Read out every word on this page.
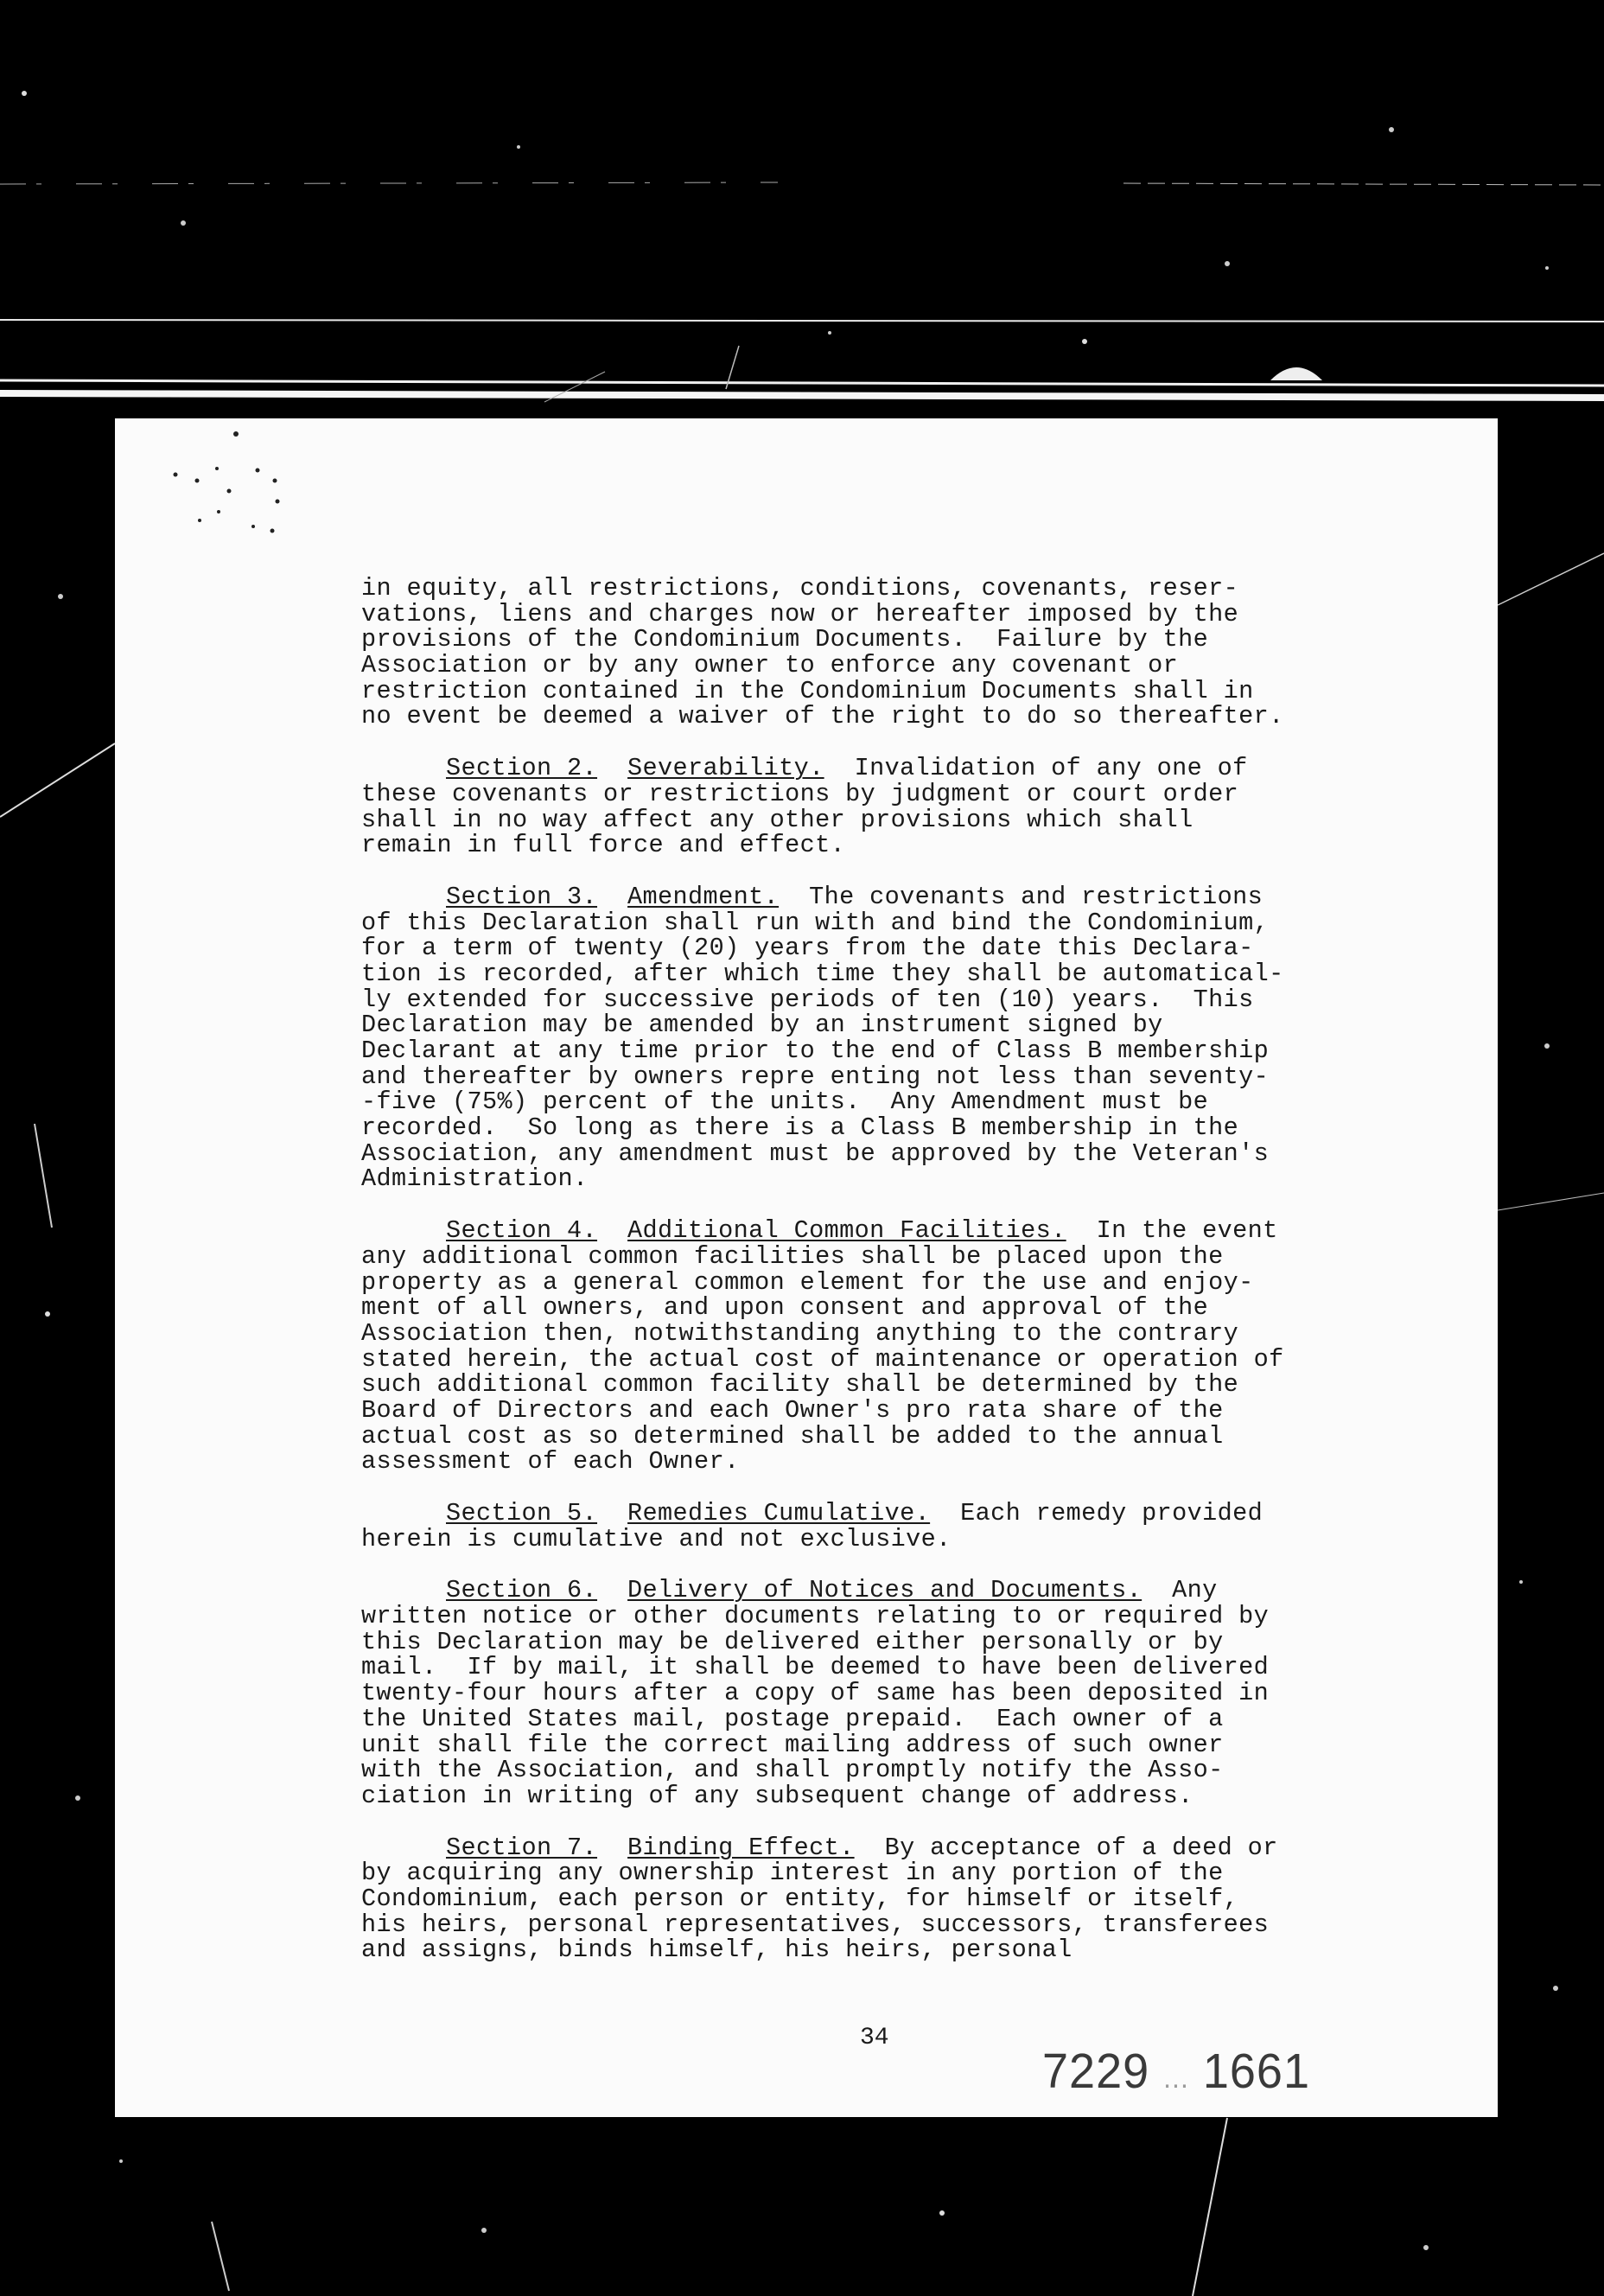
in equity, all restrictions, conditions, covenants, reser-
vations, liens and charges now or hereafter imposed by the
provisions of the Condominium Documents.  Failure by the
Association or by any owner to enforce any covenant or
restriction contained in the Condominium Documents shall in
no event be deemed a waiver of the right to do so thereafter.
Section 2. Severability.  Invalidation of any one of
these covenants or restrictions by judgment or court order
shall in no way affect any other provisions which shall
remain in full force and effect.
Section 3. Amendment.  The covenants and restrictions
of this Declaration shall run with and bind the Condominium,
for a term of twenty (20) years from the date this Declara-
tion is recorded, after which time they shall be automatical-
ly extended for successive periods of ten (10) years.  This
Declaration may be amended by an instrument signed by
Declarant at any time prior to the end of Class B membership
and thereafter by owners repre enting not less than seventy-
-five (75%) percent of the units.  Any Amendment must be
recorded.  So long as there is a Class B membership in the
Association, any amendment must be approved by the Veteran's
Administration.
Section 4. Additional Common Facilities.  In the event
any additional common facilities shall be placed upon the
property as a general common element for the use and enjoy-
ment of all owners, and upon consent and approval of the
Association then, notwithstanding anything to the contrary
stated herein, the actual cost of maintenance or operation of
such additional common facility shall be determined by the
Board of Directors and each Owner's pro rata share of the
actual cost as so determined shall be added to the annual
assessment of each Owner.
Section 5. Remedies Cumulative.  Each remedy provided
herein is cumulative and not exclusive.
Section 6. Delivery of Notices and Documents.  Any
written notice or other documents relating to or required by
this Declaration may be delivered either personally or by
mail.  If by mail, it shall be deemed to have been delivered
twenty-four hours after a copy of same has been deposited in
the United States mail, postage prepaid.  Each owner of a
unit shall file the correct mailing address of such owner
with the Association, and shall promptly notify the Asso-
ciation in writing of any subsequent change of address.
Section 7. Binding Effect.  By acceptance of a deed or
by acquiring any ownership interest in any portion of the
Condominium, each person or entity, for himself or itself,
his heirs, personal representatives, successors, transferees
and assigns, binds himself, his heirs, personal
34
7229 ... 1661
